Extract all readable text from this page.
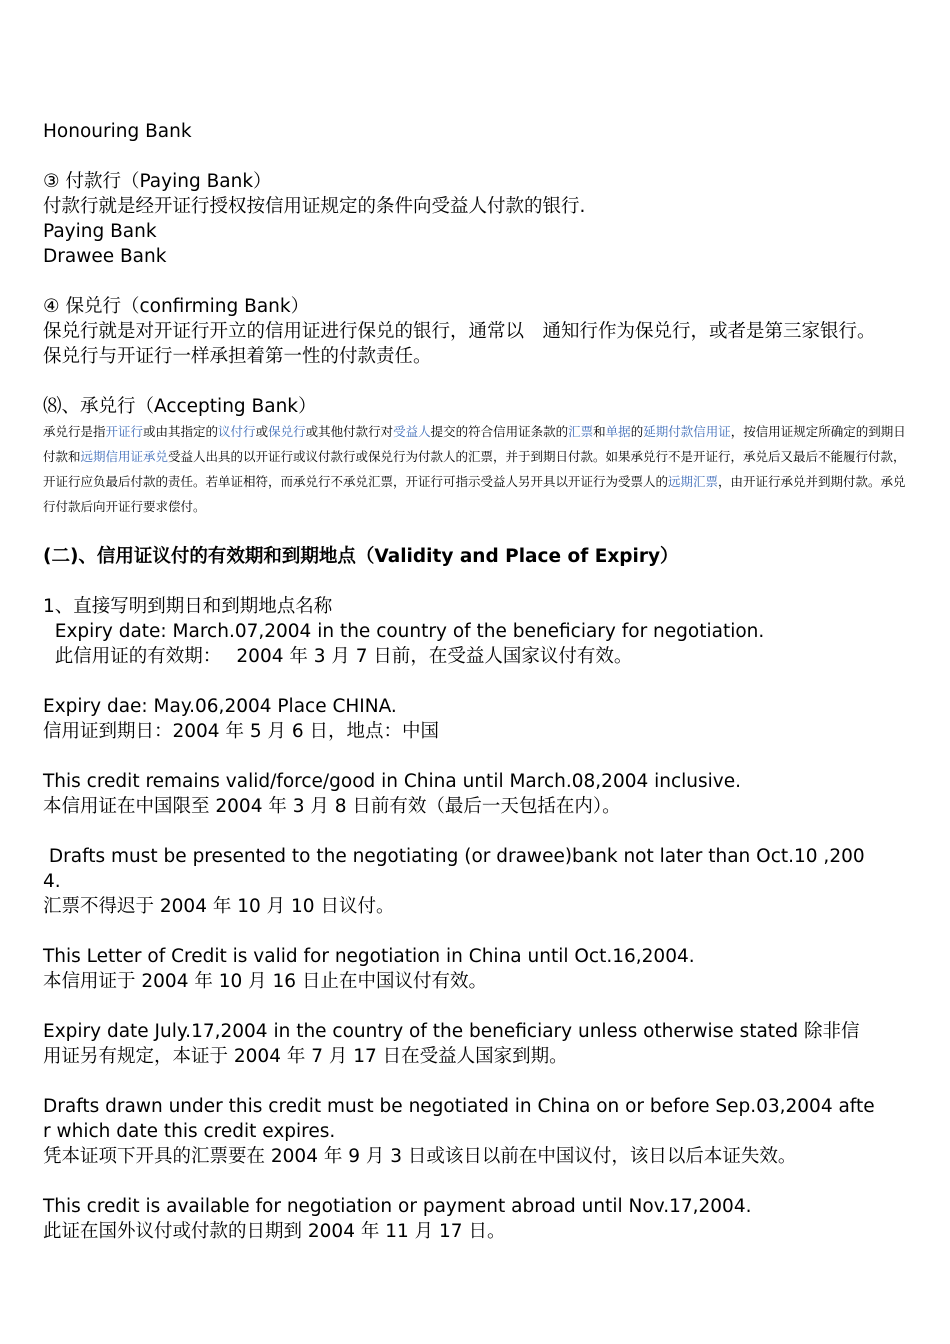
Honouring Bank

③ 付款行（Paying Bank）

付款行就是经开证行授权按信用证规定的条件向受益人付款的银行.

Paying Bank

Drawee Bank

④ 保兑行（confirming Bank）

保兑行就是对开证行开立的信用证进行保兑的银行，通常以　通知行作为保兑行，或者是第三家银行。

保兑行与开证行一样承担着第一性的付款责任。

⑻、承兑行（Accepting Bank）

承兑行是指开证行或由其指定的议付行或保兑行或其他付款行对受益人提交的符合信用证条款的汇票和单据的延期付款信用证，按信用证规定所确定的到期日付款和远期信用证承兑受益人出具的以开证行或议付款行或保兑行为付款人的汇票，并于到期日付款。如果承兑行不是开证行，承兑后又最后不能履行付款，开证行应负最后付款的责任。若单证相符，而承兑行不承兑汇票，开证行可指示受益人另开具以开证行为受票人的远期汇票，由开证行承兑并到期付款。承兑行付款后向开证行要求偿付。

(二)、信用证议付的有效期和到期地点（Validity and Place of Expiry）

1、直接写明到期日和到期地点名称

Expiry date: March.07,2004 in the country of the beneficiary for negotiation.

此信用证的有效期：　 2004 年 3 月 7 日前，在受益人国家议付有效。

Expiry dae: May.06,2004 Place CHINA.

信用证到期日：2004 年 5 月 6 日，地点：中国

This credit remains valid/force/good in China until March.08,2004 inclusive.

本信用证在中国限至 2004 年 3 月 8 日前有效（最后一天包括在内）。

Drafts must be presented to the negotiating (or drawee)bank not later than Oct.10 ,200

4.

汇票不得迟于 2004 年 10 月 10 日议付。

This Letter of Credit is valid for negotiation in China until Oct.16,2004.

本信用证于 2004 年 10 月 16 日止在中国议付有效。

Expiry date July.17,2004 in the country of the beneficiary unless otherwise stated 除非信

用证另有规定，本证于 2004 年 7 月 17 日在受益人国家到期。

Drafts drawn under this credit must be negotiated in China on or before Sep.03,2004 afte

r which date this credit expires.

凭本证项下开具的汇票要在 2004 年 9 月 3 日或该日以前在中国议付，该日以后本证失效。

This credit is available for negotiation or payment abroad until Nov.17,2004.

此证在国外议付或付款的日期到 2004 年 11 月 17 日。
